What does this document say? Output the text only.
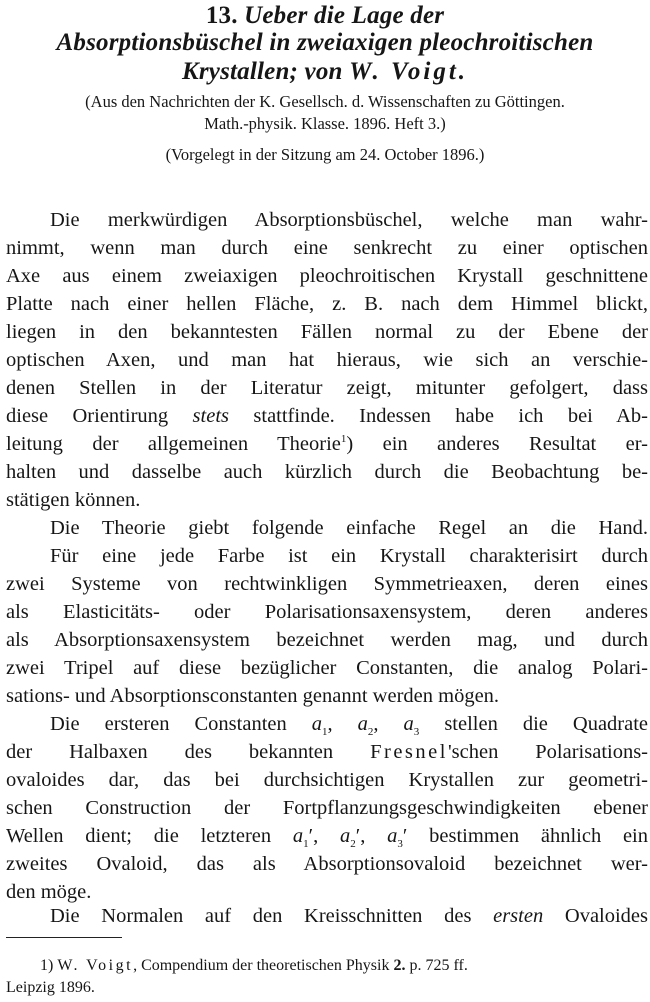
13. Ueber die Lage der
Absorptionsbüschel in zweiaxigen pleochroitischen
Krystallen; von W. Voigt.
(Aus den Nachrichten der K. Gesellsch. d. Wissenschaften zu Göttingen.
Math.-physik. Klasse. 1896. Heft 3.)
(Vorgelegt in der Sitzung am 24. October 1896.)
Die merkwürdigen Absorptionsbüschel, welche man wahr-
nimmt, wenn man durch eine senkrecht zu einer optischen
Axe aus einem zweiaxigen pleochroitischen Krystall geschnittene
Platte nach einer hellen Fläche, z. B. nach dem Himmel blickt,
liegen in den bekanntesten Fällen normal zu der Ebene der
optischen Axen, und man hat hieraus, wie sich an verschie-
denen Stellen in der Literatur zeigt, mitunter gefolgert, dass
diese Orientirung stets stattfinde. Indessen habe ich bei Ab-
leitung der allgemeinen Theorie$^1$) ein anderes Resultat er-
halten und dasselbe auch kürzlich durch die Beobachtung be-
stätigen können.
Die Theorie giebt folgende einfache Regel an die Hand.
Für eine jede Farbe ist ein Krystall charakterisirt durch
zwei Systeme von rechtwinkligen Symmetrieaxen, deren eines
als Elasticitäts- oder Polarisationsaxensystem, deren anderes
als Absorptionsaxensystem bezeichnet werden mag, und durch
zwei Tripel auf diese bezüglicher Constanten, die analog Polari-
sations- und Absorptionsconstanten genannt werden mögen.
Die ersteren Constanten $a_1$, $a_2$, $a_3$ stellen die Quadrate
der Halbaxen des bekannten Fresnel'schen Polarisations-
ovaloides dar, das bei durchsichtigen Krystallen zur geometri-
schen Construction der Fortpflanzungsgeschwindigkeiten ebener
Wellen dient; die letzteren $a_1'$, $a_2'$, $a_3'$ bestimmen ähnlich ein
zweites Ovaloid, das als Absorptionsovaloid bezeichnet wer-
den möge.
Die Normalen auf den Kreisschnitten des ersten Ovaloides
1) W. Voigt, Compendium der theoretischen Physik 2. p. 725 ff.
Leipzig 1896.
